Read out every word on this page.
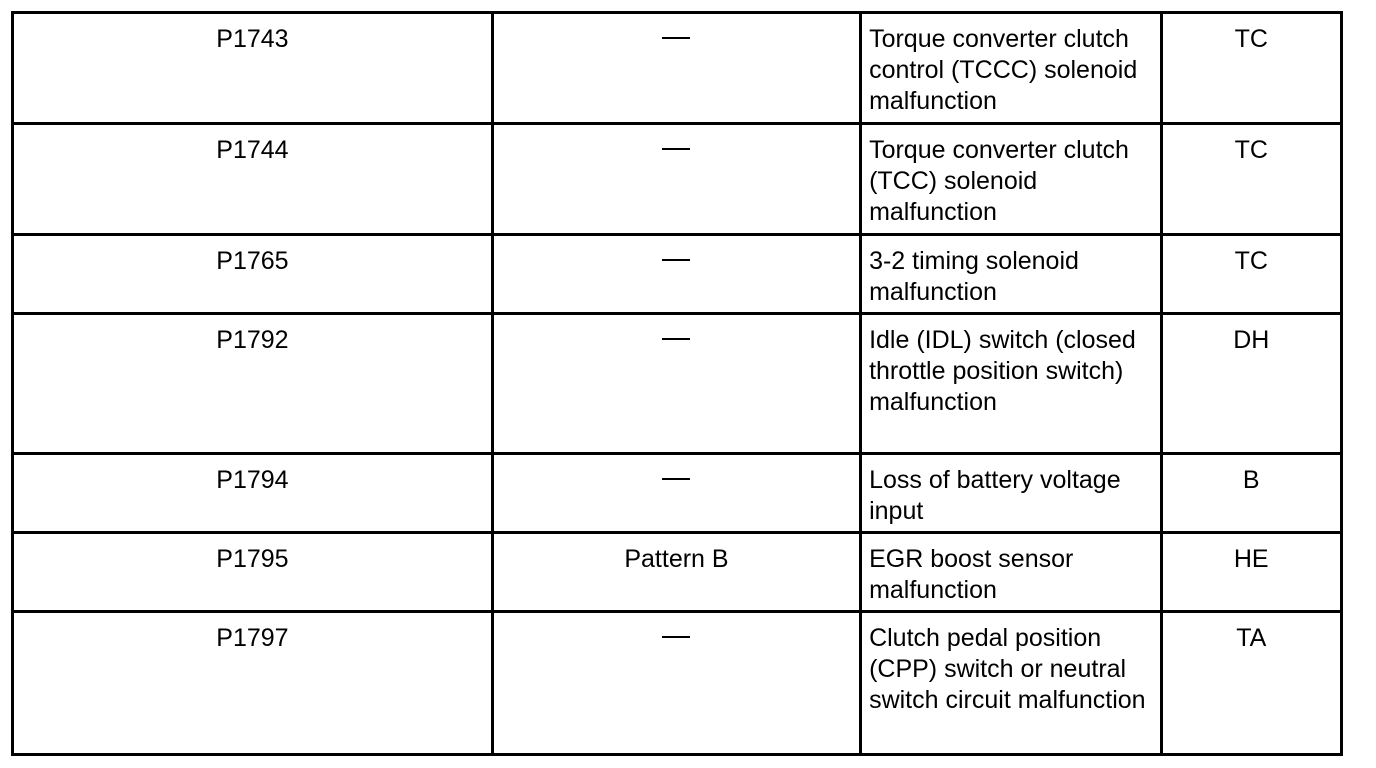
P1743		Torque converter clutch control (TCCC) solenoid malfunction	TC
P1744		Torque converter clutch (TCC) solenoid malfunction	TC
P1765		3-2 timing solenoid malfunction	TC
P1792		Idle (IDL) switch (closed throttle position switch) malfunction	DH
P1794		Loss of battery voltage input	B
P1795	Pattern B	EGR boost sensor malfunction	HE
P1797		Clutch pedal position (CPP) switch or neutral switch circuit malfunction	TA
